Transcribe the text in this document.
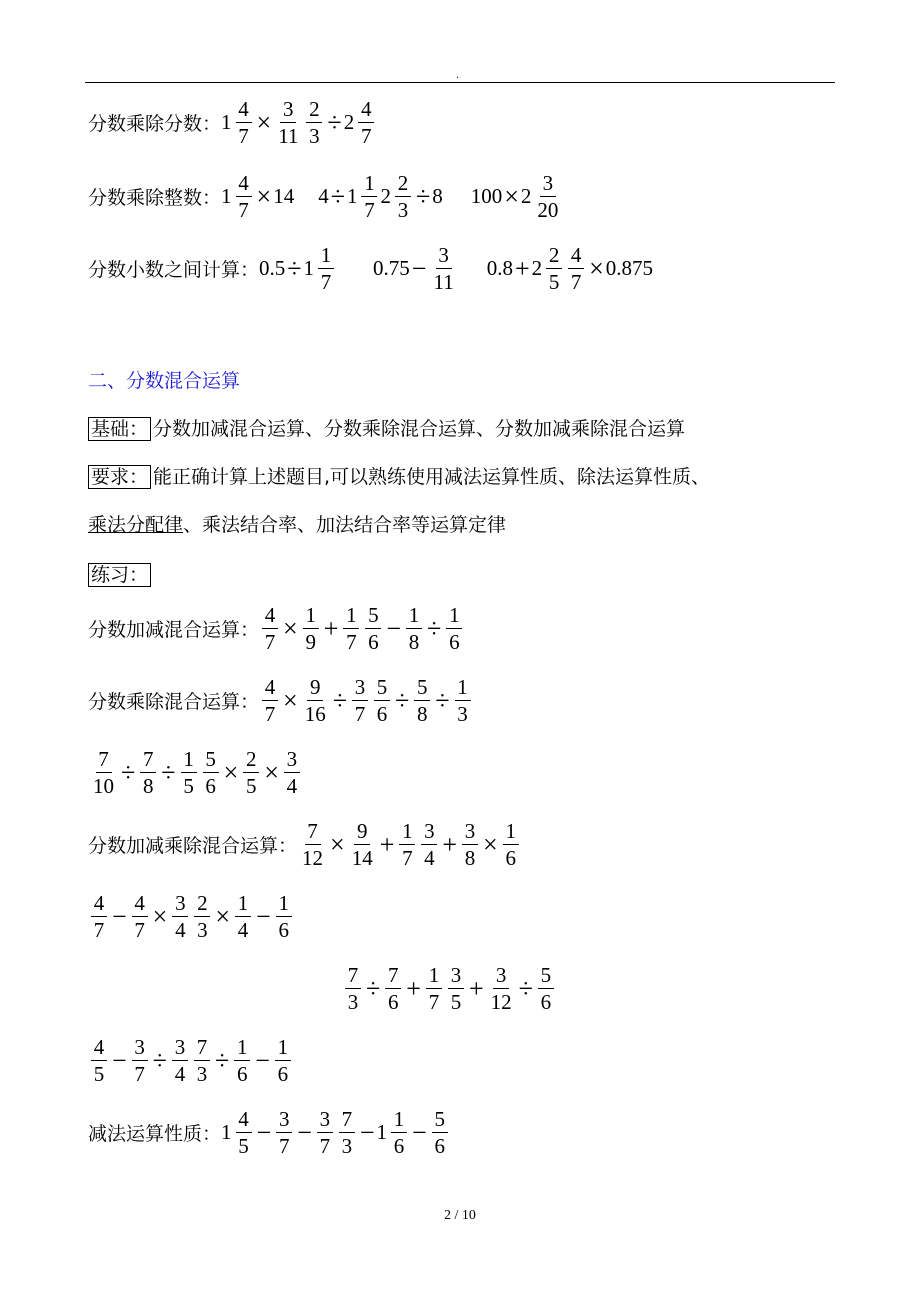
.
分数乘除分数： $1 \frac{4}{7} \times \frac{3}{11} \frac{2}{3} \div 2 \frac{4}{7}$
分数乘除整数： $1 \frac{4}{7} \times 14$ $4 \div 1 \frac{1}{7} 2 \frac{2}{3} \div 8$ $100 \times 2 \frac{3}{20}$
分数小数之间计算： $0.5 \div 1 \frac{1}{7} 0.75 - \frac{3}{11} 0.8 + 2 \frac{2}{5} \frac{4}{7} \times 0.875$
二、分数混合运算
基础： 分数加减混合运算、分数乘除混合运算、分数加减乘除混合运算
要求： 能正确计算上述题目,可以熟练使用减法运算性质、除法运算性质、
乘法分配律、乘法结合率、加法结合率等运算定律
练习：
分数加减混合运算： $\frac{4}{7} \times \frac{1}{9} + \frac{1}{7} \frac{5}{6} - \frac{1}{8} \div \frac{1}{6}$
分数乘除混合运算： $\frac{4}{7} \times \frac{9}{16} \div \frac{3}{7} \frac{5}{6} \div \frac{5}{8} \div \frac{1}{3}$
$\frac{7}{10} \div \frac{7}{8} \div \frac{1}{5} \frac{5}{6} \times \frac{2}{5} \times \frac{3}{4}$
分数加减乘除混合运算： $\frac{7}{12} \times \frac{9}{14} + \frac{1}{7} \frac{3}{4} + \frac{3}{8} \times \frac{1}{6}$
$\frac{4}{7} - \frac{4}{7} \times \frac{3}{4} \frac{2}{3} \times \frac{1}{4} - \frac{1}{6}$
$\frac{7}{3} \div \frac{7}{6} + \frac{1}{7} \frac{3}{5} + \frac{3}{12} \div \frac{5}{6}$
$\frac{4}{5} - \frac{3}{7} \div \frac{3}{4} \frac{7}{3} \div \frac{1}{6} - \frac{1}{6}$
减法运算性质： $1 \frac{4}{5} - \frac{3}{7} - \frac{3}{7} \frac{7}{3} - 1 \frac{1}{6} - \frac{5}{6}$
2 / 10
